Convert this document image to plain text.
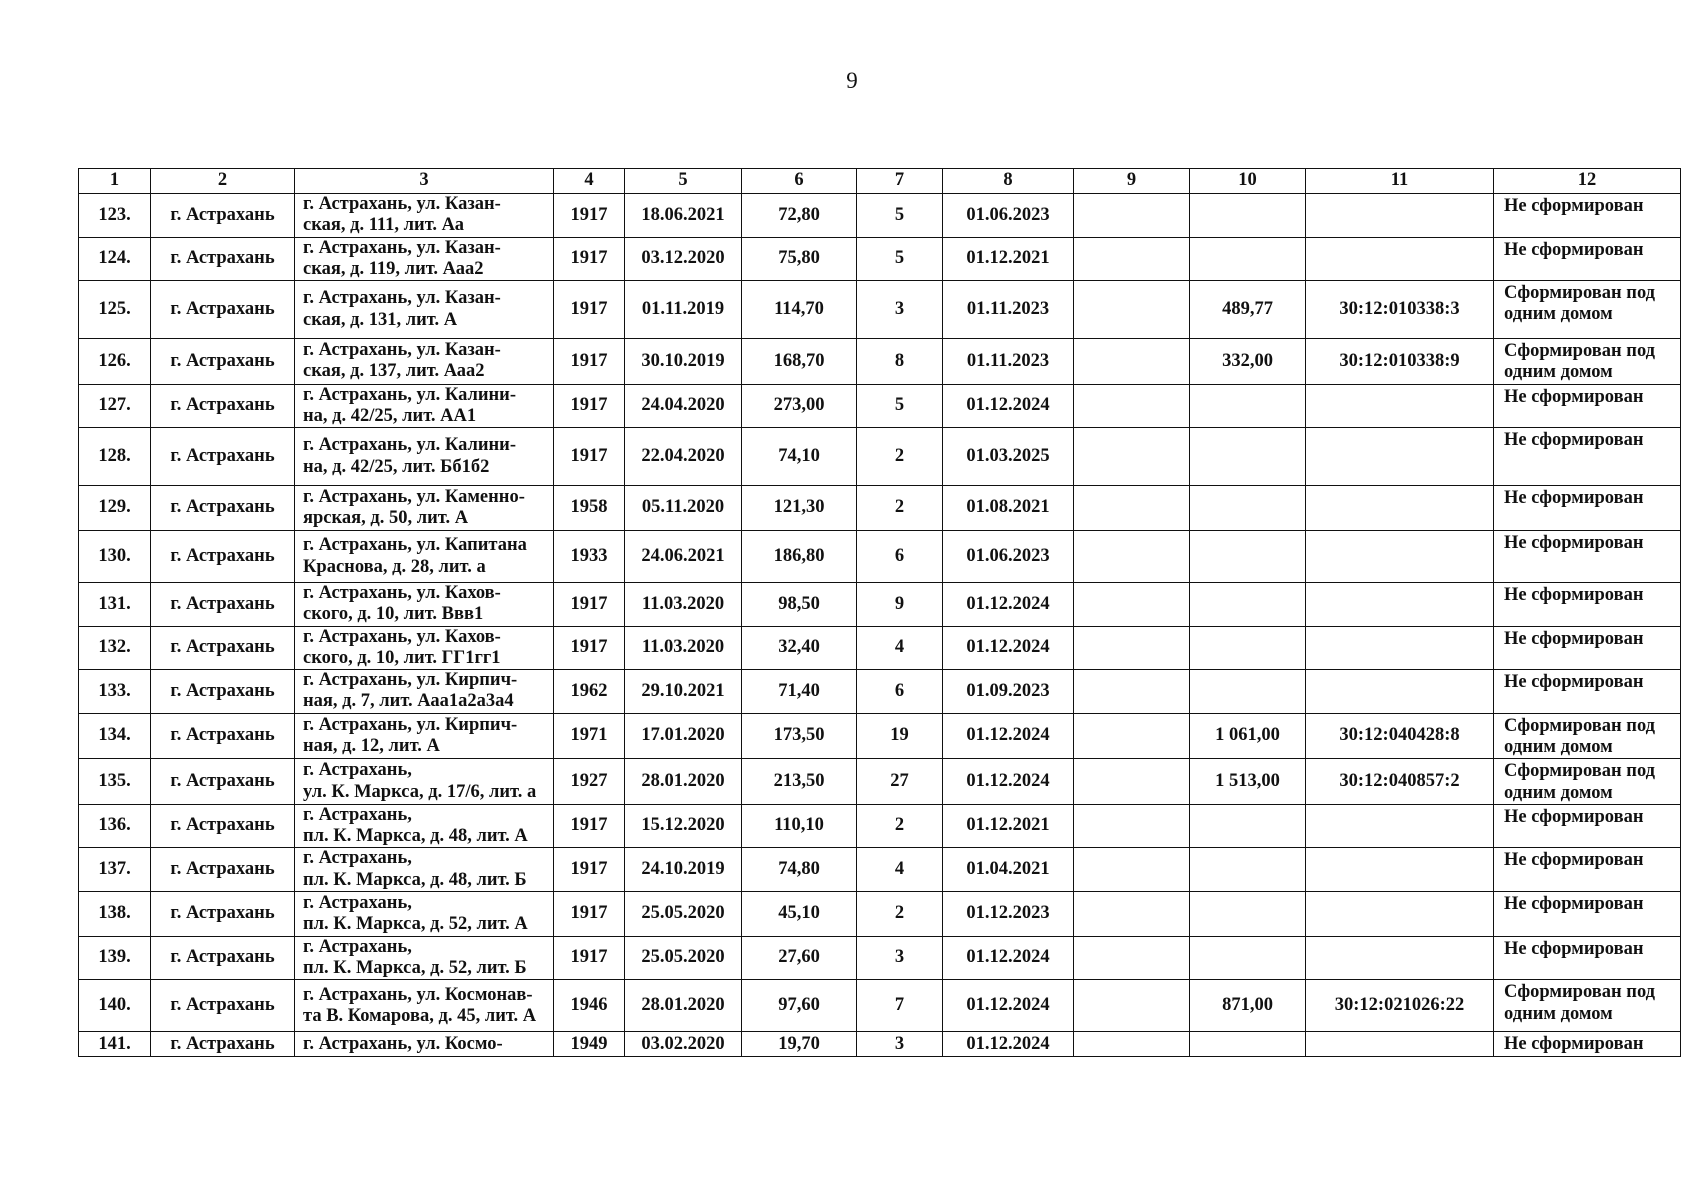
9
1	2	3	4	5	6	7	8	9	10	11	12
123.	г. Астрахань	г. Астрахань, ул. Казан-
ская, д. 111, лит. Аа	1917	18.06.2021	72,80	5	01.06.2023				Не сформирован

124.	г. Астрахань	г. Астрахань, ул. Казан-
ская, д. 119, лит. Ааа2	1917	03.12.2020	75,80	5	01.12.2021				Не сформирован

125.	г. Астрахань	г. Астрахань, ул. Казан-
ская, д. 131, лит. А	1917	01.11.2019	114,70	3	01.11.2023		489,77	30:12:010338:3	Сформирован под
одним домом
126.	г. Астрахань	г. Астрахань, ул. Казан-
ская, д. 137, лит. Ааа2	1917	30.10.2019	168,70	8	01.11.2023		332,00	30:12:010338:9	Сформирован под
одним домом
127.	г. Астрахань	г. Астрахань, ул. Калини-
на, д. 42/25, лит. АА1	1917	24.04.2020	273,00	5	01.12.2024				Не сформирован

128.	г. Астрахань	г. Астрахань, ул. Калини-
на, д. 42/25, лит. Бб1б2	1917	22.04.2020	74,10	2	01.03.2025				Не сформирован

129.	г. Астрахань	г. Астрахань, ул. Каменно-
ярская, д. 50, лит. А	1958	05.11.2020	121,30	2	01.08.2021				Не сформирован

130.	г. Астрахань	г. Астрахань, ул. Капитана
Краснова, д. 28, лит. а	1933	24.06.2021	186,80	6	01.06.2023				Не сформирован

131.	г. Астрахань	г. Астрахань, ул. Кахов-
ского, д. 10, лит. Ввв1	1917	11.03.2020	98,50	9	01.12.2024				Не сформирован

132.	г. Астрахань	г. Астрахань, ул. Кахов-
ского, д. 10, лит. ГГ1гг1	1917	11.03.2020	32,40	4	01.12.2024				Не сформирован

133.	г. Астрахань	г. Астрахань, ул. Кирпич-
ная, д. 7, лит. Ааа1а2а3а4	1962	29.10.2021	71,40	6	01.09.2023				Не сформирован

134.	г. Астрахань	г. Астрахань, ул. Кирпич-
ная, д. 12, лит. А	1971	17.01.2020	173,50	19	01.12.2024		1 061,00	30:12:040428:8	Сформирован под
одним домом
135.	г. Астрахань	г. Астрахань,
ул. К. Маркса, д. 17/6, лит. а	1927	28.01.2020	213,50	27	01.12.2024		1 513,00	30:12:040857:2	Сформирован под
одним домом
136.	г. Астрахань	г. Астрахань,
пл. К. Маркса, д. 48, лит. А	1917	15.12.2020	110,10	2	01.12.2021				Не сформирован

137.	г. Астрахань	г. Астрахань,
пл. К. Маркса, д. 48, лит. Б	1917	24.10.2019	74,80	4	01.04.2021				Не сформирован

138.	г. Астрахань	г. Астрахань,
пл. К. Маркса, д. 52, лит. А	1917	25.05.2020	45,10	2	01.12.2023				Не сформирован

139.	г. Астрахань	г. Астрахань,
пл. К. Маркса, д. 52, лит. Б	1917	25.05.2020	27,60	3	01.12.2024				Не сформирован

140.	г. Астрахань	г. Астрахань, ул. Космонав-
та В. Комарова, д. 45, лит. А	1946	28.01.2020	97,60	7	01.12.2024		871,00	30:12:021026:22	Сформирован под
одним домом
141.	г. Астрахань	г. Астрахань, ул. Космо-	1949	03.02.2020	19,70	3	01.12.2024				Не сформирован
